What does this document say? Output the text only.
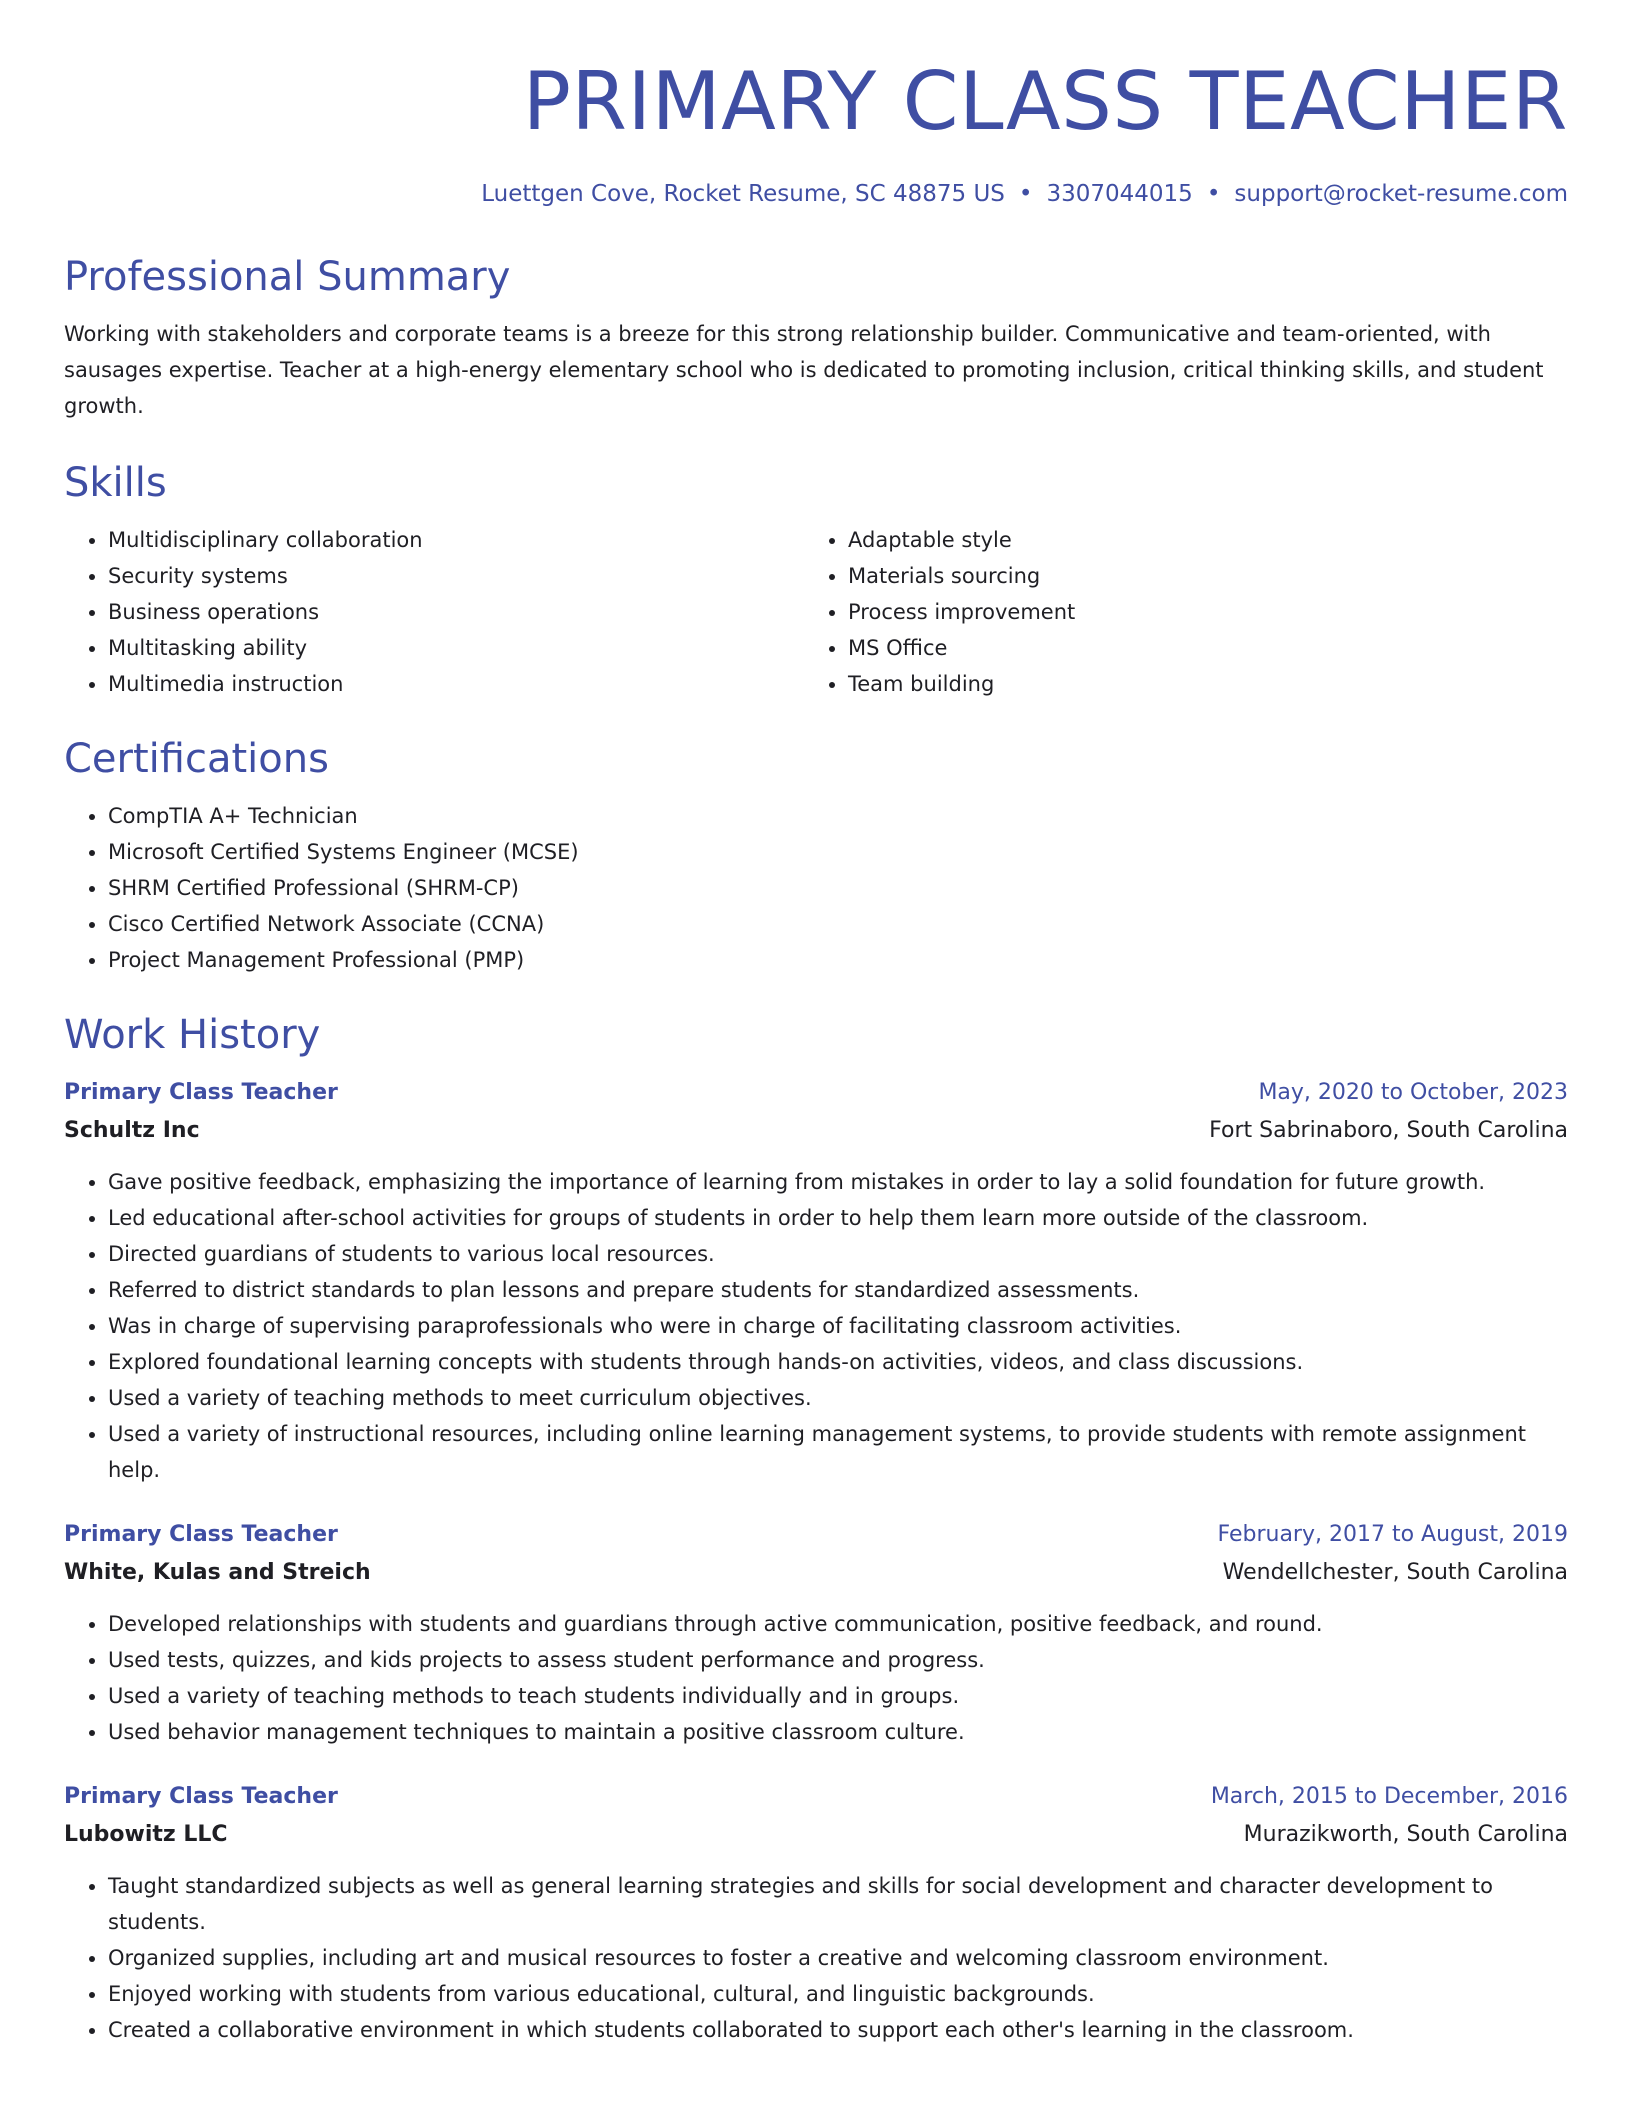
PRIMARY CLASS TEACHER
Luettgen Cove, Rocket Resume, SC 48875 US • 3307044015 • support@rocket-resume.com
Professional Summary

Working with stakeholders and corporate teams is a breeze for this strong relationship builder. Communicative and team-oriented, with sausages expertise. Teacher at a high-energy elementary school who is dedicated to promoting inclusion, critical thinking skills, and student growth.

Skills
• Multidisciplinary collaboration
• Security systems
• Business operations
• Multitasking ability
• Multimedia instruction
• Adaptable style
• Materials sourcing
• Process improvement
• MS Office
• Team building
Certifications
• CompTIA A+ Technician
• Microsoft Certified Systems Engineer (MCSE)
• SHRM Certified Professional (SHRM-CP)
• Cisco Certified Network Associate (CCNA)
• Project Management Professional (PMP)
Work History
Primary Class Teacher	May, 2020 to October, 2023
Schultz Inc	Fort Sabrinaboro, South Carolina
• Gave positive feedback, emphasizing the importance of learning from mistakes in order to lay a solid foundation for future growth.
• Led educational after-school activities for groups of students in order to help them learn more outside of the classroom.
• Directed guardians of students to various local resources.
• Referred to district standards to plan lessons and prepare students for standardized assessments.
• Was in charge of supervising paraprofessionals who were in charge of facilitating classroom activities.
• Explored foundational learning concepts with students through hands-on activities, videos, and class discussions.
• Used a variety of teaching methods to meet curriculum objectives.
• Used a variety of instructional resources, including online learning management systems, to provide students with remote assignment help.
Primary Class Teacher	February, 2017 to August, 2019
White, Kulas and Streich	Wendellchester, South Carolina
• Developed relationships with students and guardians through active communication, positive feedback, and round.
• Used tests, quizzes, and kids projects to assess student performance and progress.
• Used a variety of teaching methods to teach students individually and in groups.
• Used behavior management techniques to maintain a positive classroom culture.
Primary Class Teacher	March, 2015 to December, 2016
Lubowitz LLC	Murazikworth, South Carolina
• Taught standardized subjects as well as general learning strategies and skills for social development and character development to students.
• Organized supplies, including art and musical resources to foster a creative and welcoming classroom environment.
• Enjoyed working with students from various educational, cultural, and linguistic backgrounds.
• Created a collaborative environment in which students collaborated to support each other's learning in the classroom.
